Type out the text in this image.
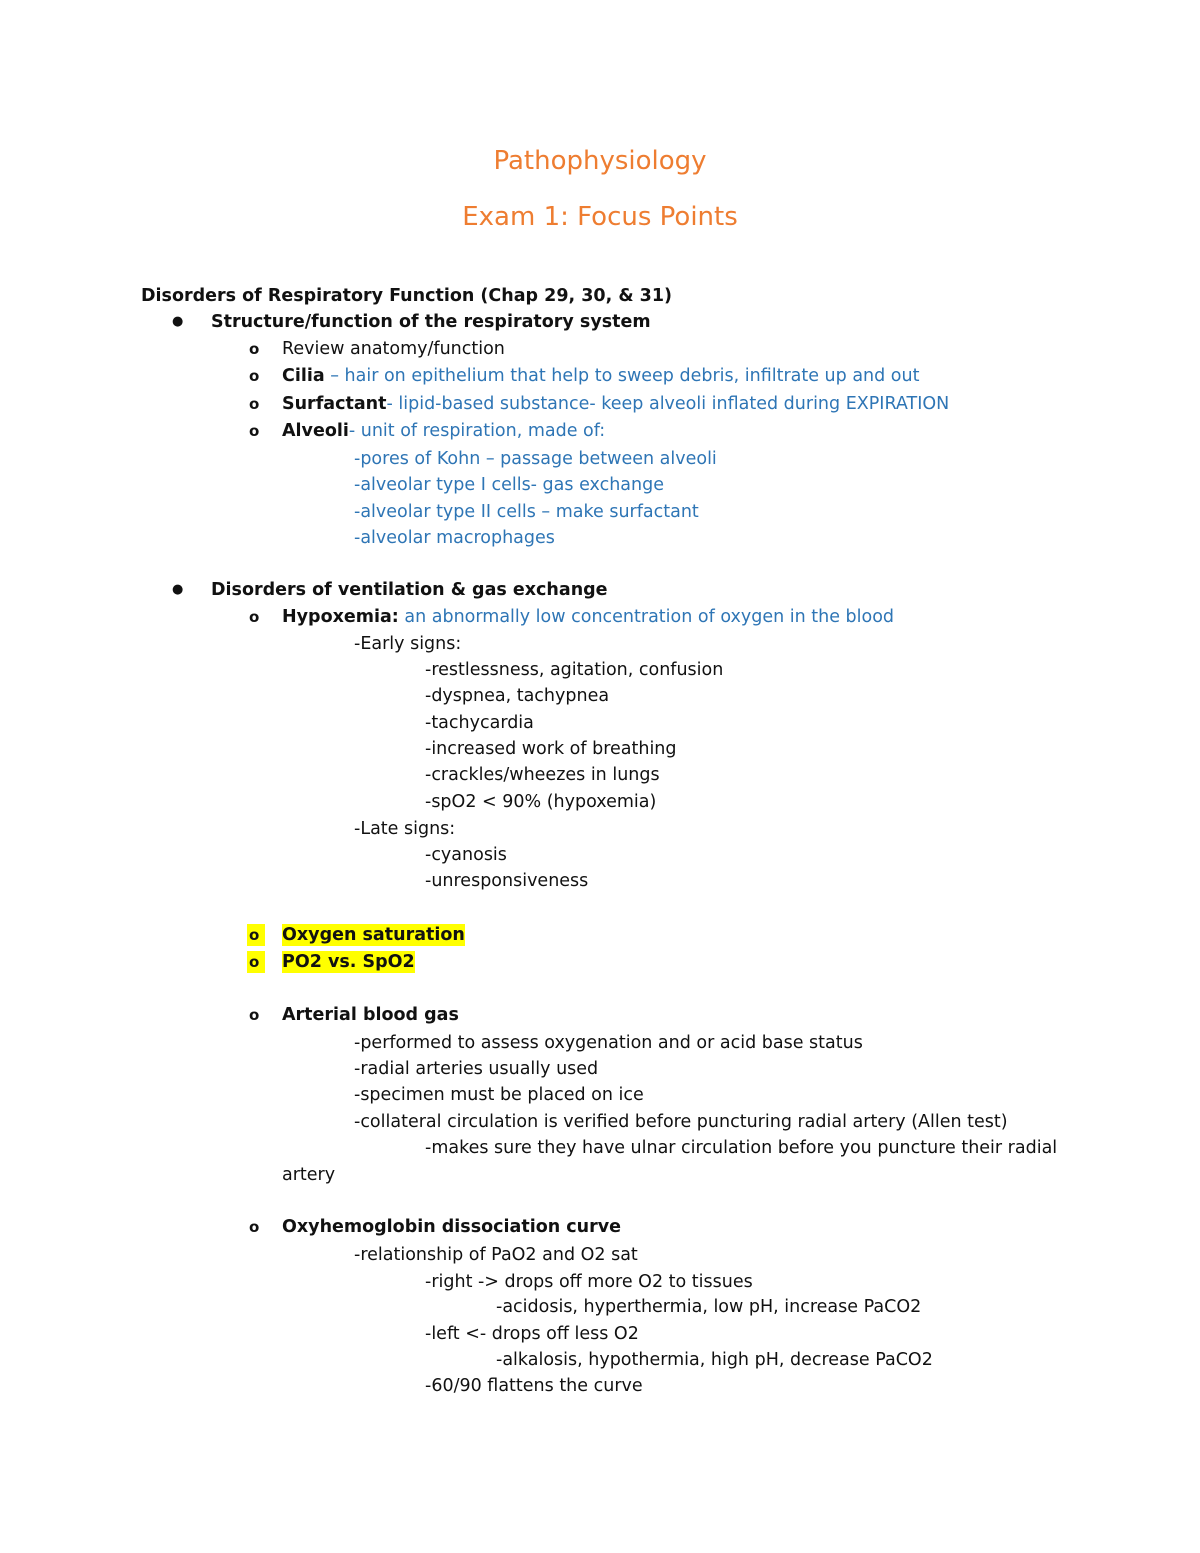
Pathophysiology
Exam 1: Focus Points
Disorders of Respiratory Function (Chap 29, 30, & 31)
● Structure/function of the respiratory system
o Review anatomy/function
o Cilia – hair on epithelium that help to sweep debris, infiltrate up and out
o Surfactant- lipid-based substance- keep alveoli inflated during EXPIRATION
o Alveoli- unit of respiration, made of:
-pores of Kohn – passage between alveoli
-alveolar type I cells- gas exchange
-alveolar type II cells – make surfactant
-alveolar macrophages
● Disorders of ventilation & gas exchange
o Hypoxemia: an abnormally low concentration of oxygen in the blood
-Early signs:
-restlessness, agitation, confusion
-dyspnea, tachypnea
-tachycardia
-increased work of breathing
-crackles/wheezes in lungs
-spO2 < 90% (hypoxemia)
-Late signs:
-cyanosis
-unresponsiveness
o	Oxygen saturation
o	PO2 vs. SpO2
o Arterial blood gas
-performed to assess oxygenation and or acid base status
-radial arteries usually used
-specimen must be placed on ice
-collateral circulation is verified before puncturing radial artery (Allen test)
-makes sure they have ulnar circulation before you puncture their radial
artery
o Oxyhemoglobin dissociation curve
-relationship of PaO2 and O2 sat
-right -> drops off more O2 to tissues
-acidosis, hyperthermia, low pH, increase PaCO2
-left <- drops off less O2
-alkalosis, hypothermia, high pH, decrease PaCO2
-60/90 flattens the curve
